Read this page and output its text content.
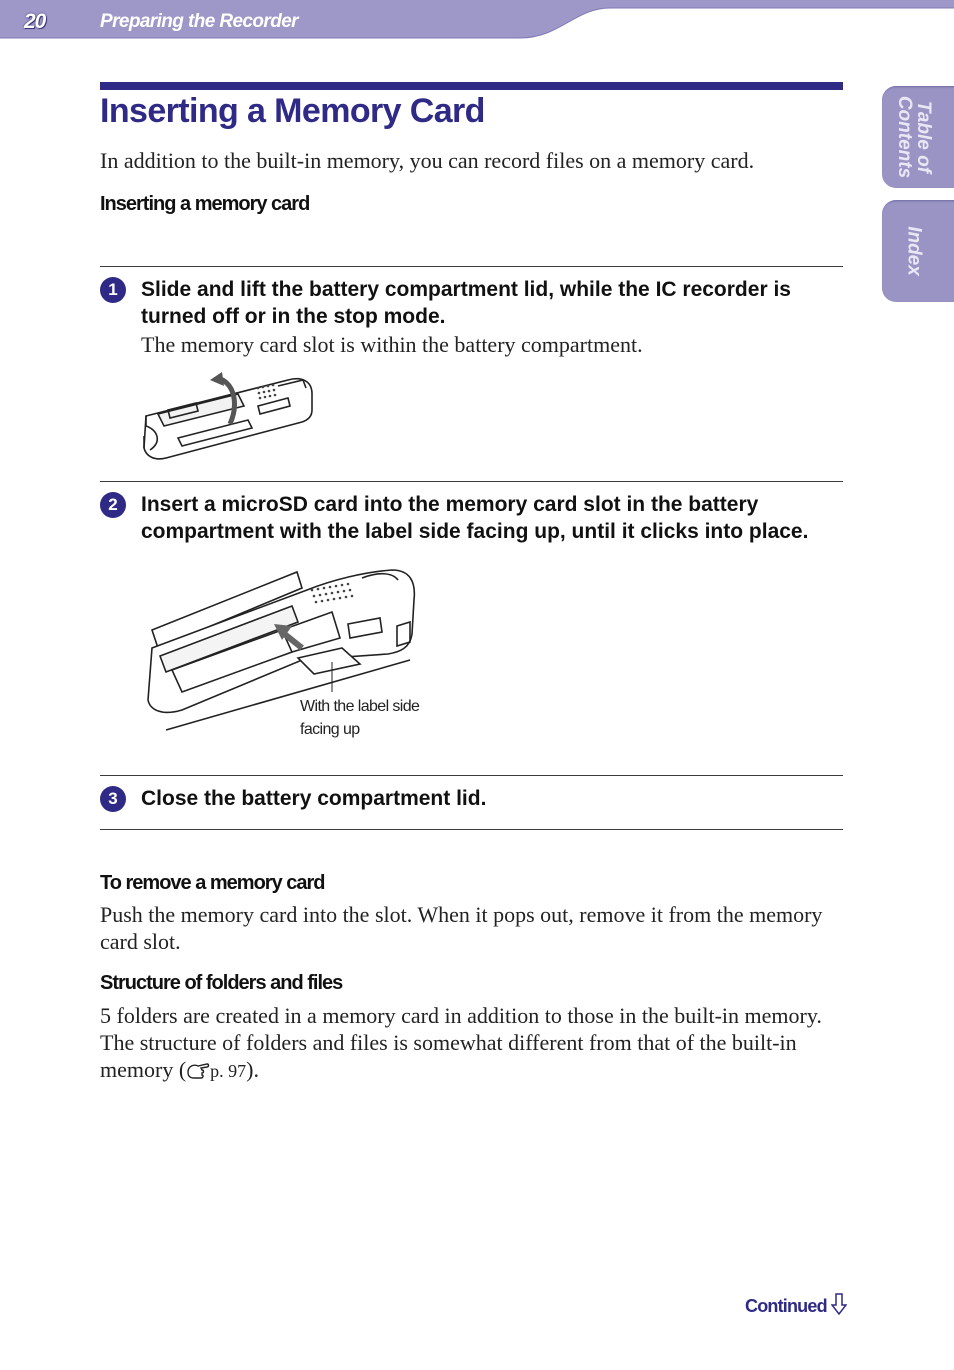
20	Preparing the Recorder
Table of
Contents
Index
Inserting a Memory Card
In addition to the built-in memory, you can record files on a memory card.
Inserting a memory card
1	Slide and lift the battery compartment lid, while the IC recorder is turned off or in the stop mode.
The memory card slot is within the battery compartment.
2	Insert a microSD card into the memory card slot in the battery compartment with the label side facing up, until it clicks into place.
With the label side facing up
3	Close the battery compartment lid.
To remove a memory card
Push the memory card into the slot. When it pops out, remove it from the memory card slot.
Structure of folders and files
5 folders are created in a memory card in addition to those in the built-in memory. The structure of folders and files is somewhat different from that of the built-in memory ( p. 97).
Continued
